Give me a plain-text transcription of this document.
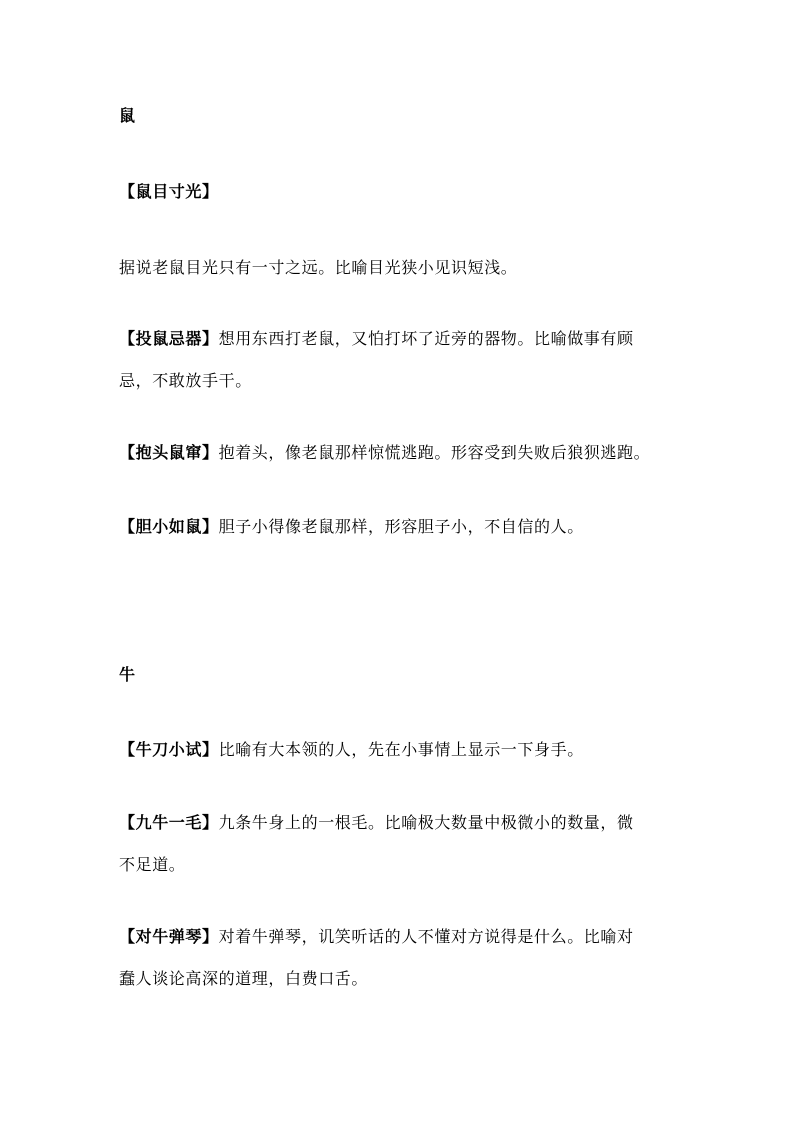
鼠
【鼠目寸光】
据说老鼠目光只有一寸之远。比喻目光狭小见识短浅。
【投鼠忌器】想用东西打老鼠，又怕打坏了近旁的器物。比喻做事有顾
忌，不敢放手干。
【抱头鼠窜】抱着头，像老鼠那样惊慌逃跑。形容受到失败后狼狈逃跑。
【胆小如鼠】胆子小得像老鼠那样，形容胆子小，不自信的人。
牛
【牛刀小试】比喻有大本领的人，先在小事情上显示一下身手。
【九牛一毛】九条牛身上的一根毛。比喻极大数量中极微小的数量，微
不足道。
【对牛弹琴】对着牛弹琴，讥笑听话的人不懂对方说得是什么。比喻对
蠢人谈论高深的道理，白费口舌。
